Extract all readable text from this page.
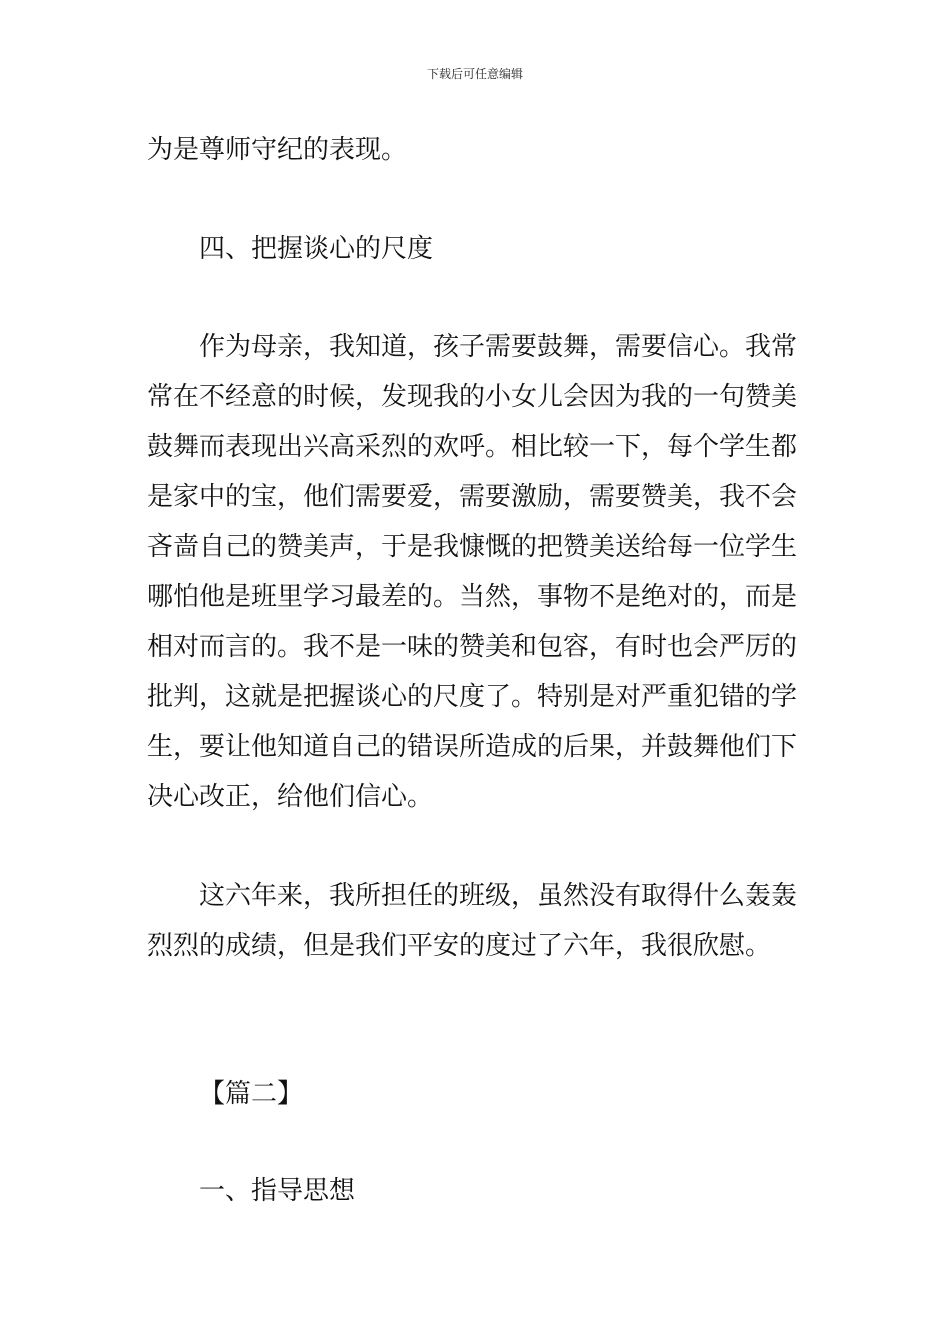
下载后可任意编辑

为是尊师守纪的表现。

四、把握谈心的尺度

作为母亲，我知道，孩子需要鼓舞，需要信心。我常

常在不经意的时候，发现我的小女儿会因为我的一句赞美

鼓舞而表现出兴高采烈的欢呼。相比较一下，每个学生都

是家中的宝，他们需要爱，需要激励，需要赞美，我不会

吝啬自己的赞美声，于是我慷慨的把赞美送给每一位学生

哪怕他是班里学习最差的。当然，事物不是绝对的，而是

相对而言的。我不是一味的赞美和包容，有时也会严厉的

批判，这就是把握谈心的尺度了。特别是对严重犯错的学

生，要让他知道自己的错误所造成的后果，并鼓舞他们下

决心改正，给他们信心。

这六年来，我所担任的班级，虽然没有取得什么轰轰

烈烈的成绩，但是我们平安的度过了六年，我很欣慰。

【篇二】

一、指导思想
